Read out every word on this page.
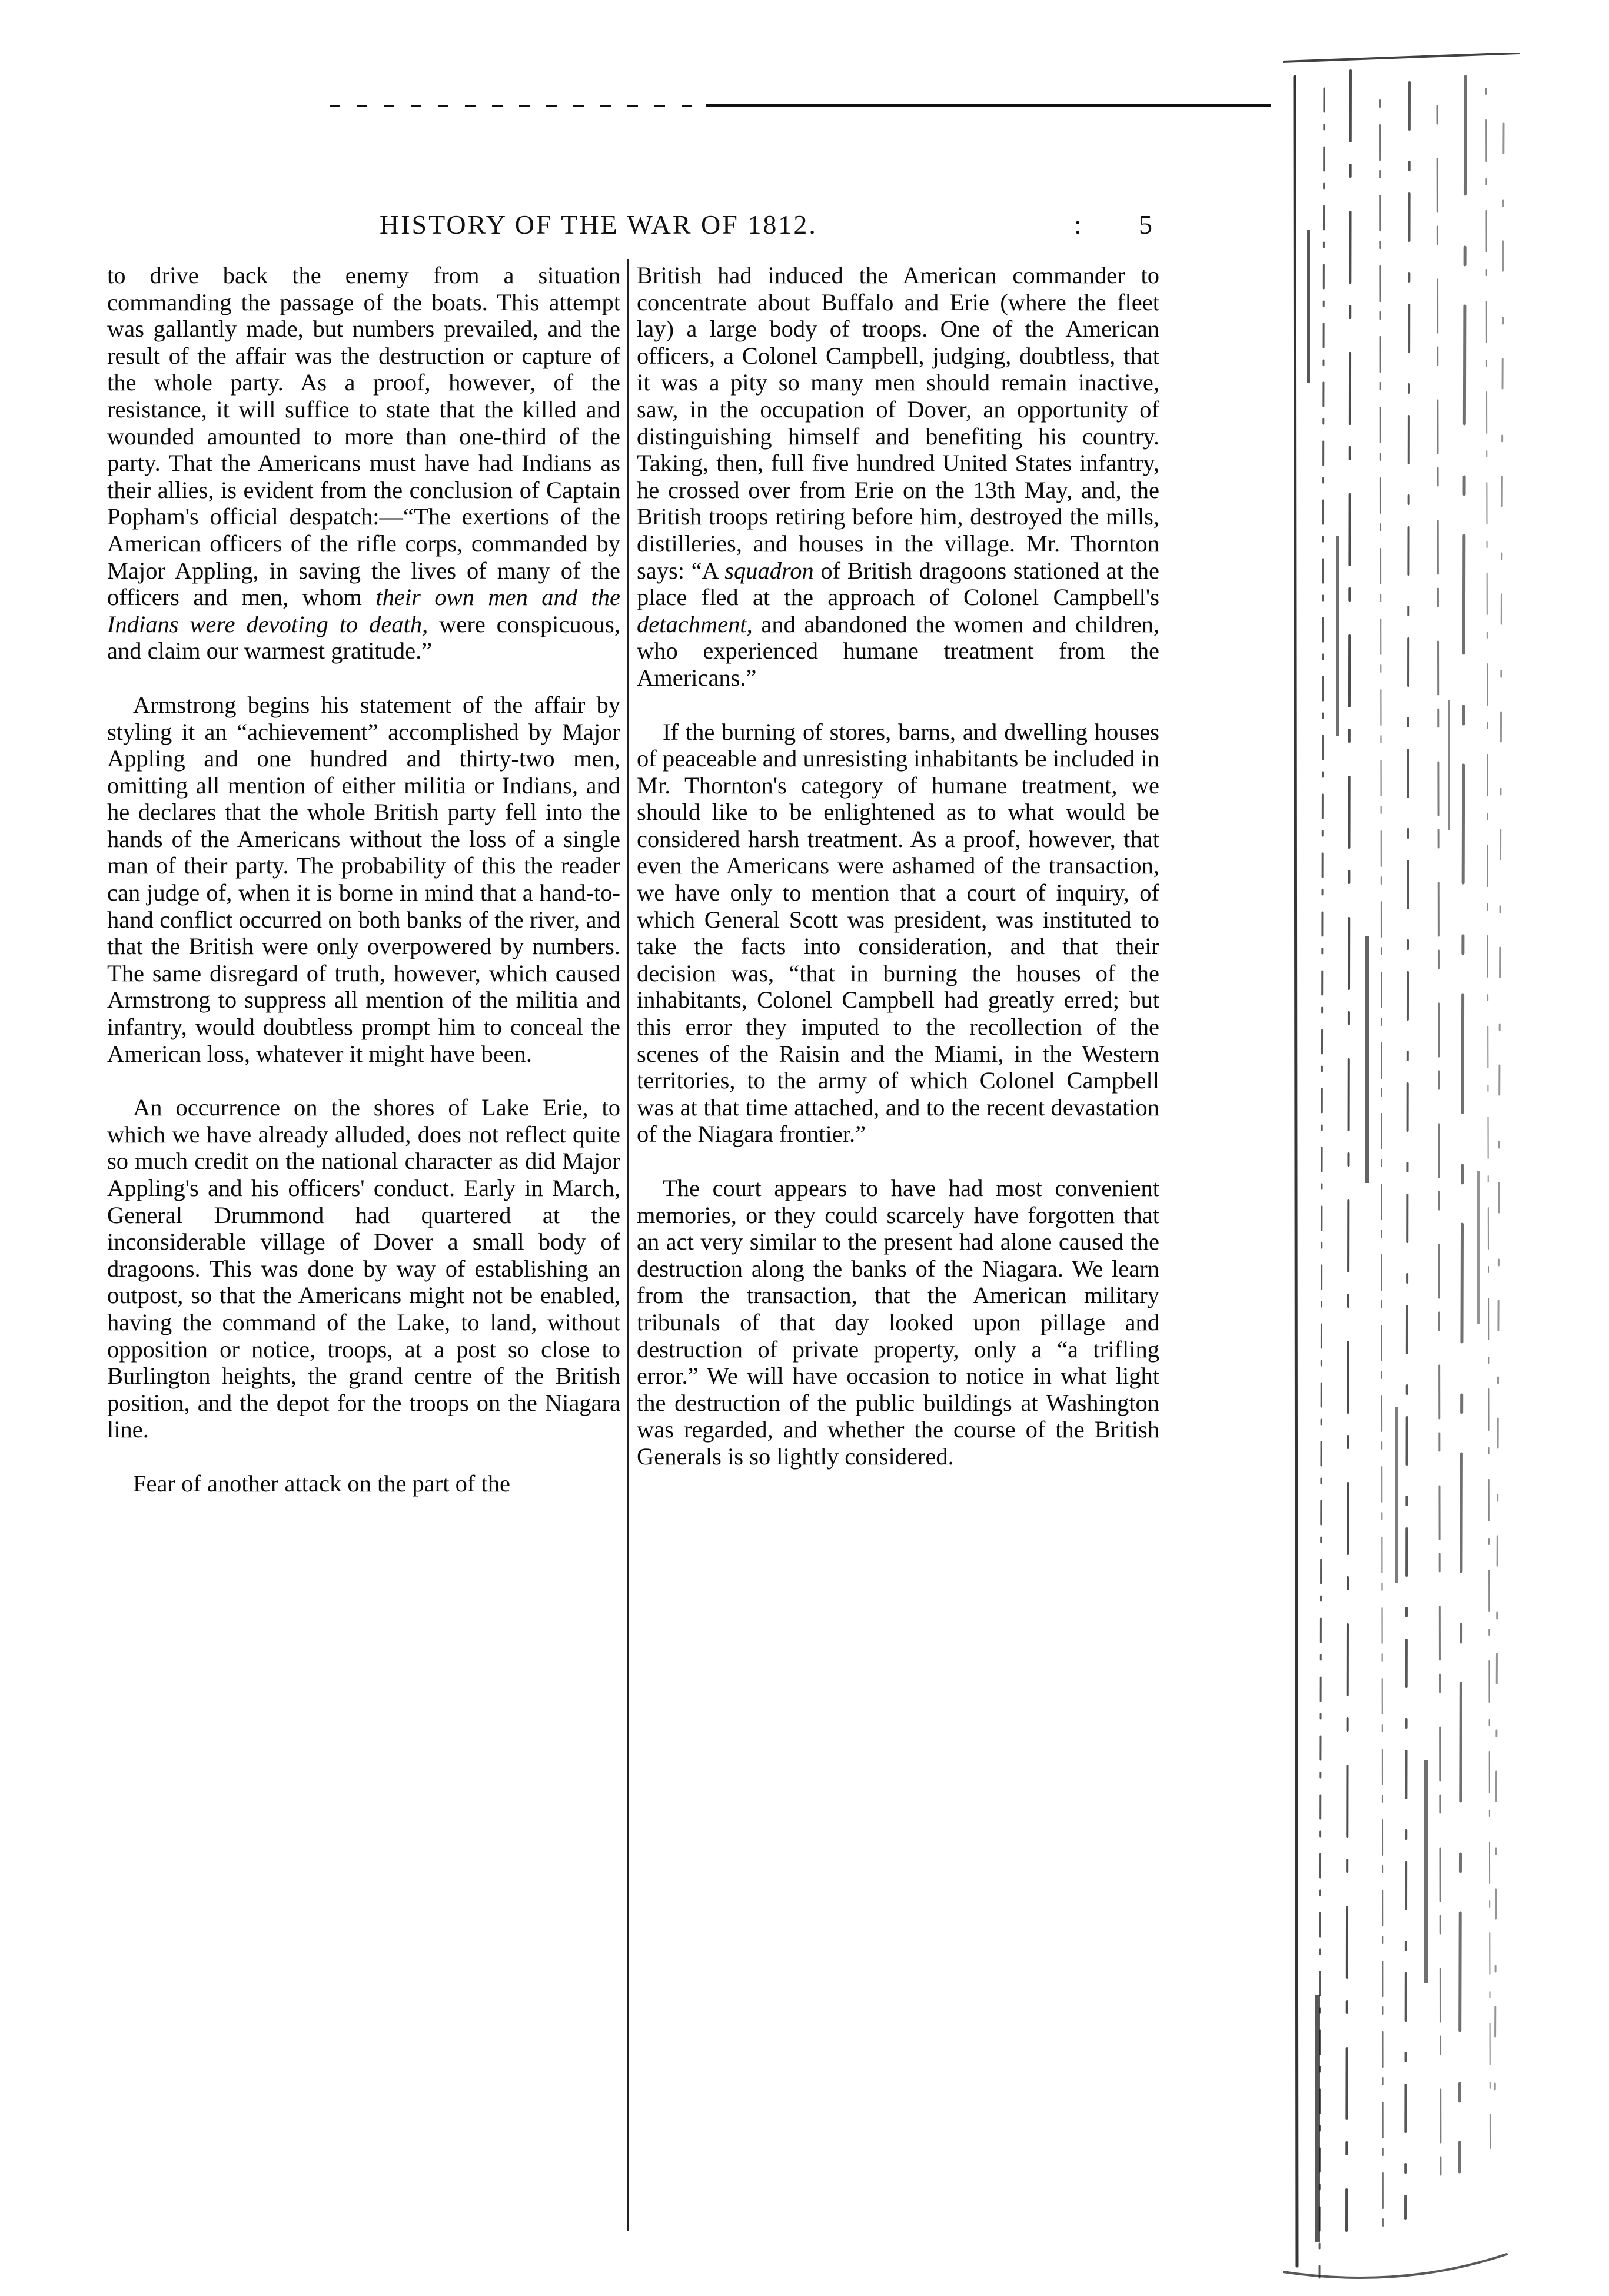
HISTORY OF THE WAR OF 1812.	: 5

to drive back the enemy from a situation commanding the passage of the boats. This attempt was gallantly made, but numbers prevailed, and the result of the affair was the destruction or capture of the whole party. As a proof, however, of the resistance, it will suffice to state that the killed and wounded amounted to more than one-third of the party. That the Americans must have had Indians as their allies, is evident from the conclusion of Captain Popham's official despatch:—“The exertions of the American officers of the rifle corps, commanded by Major Appling, in saving the lives of many of the officers and men, whom their own men and the Indians were devoting to death, were conspicuous, and claim our warmest gratitude.”

Armstrong begins his statement of the affair by styling it an “achievement” accomplished by Major Appling and one hundred and thirty-two men, omitting all mention of either militia or Indians, and he declares that the whole British party fell into the hands of the Americans without the loss of a single man of their party. The probability of this the reader can judge of, when it is borne in mind that a hand-to-hand conflict occurred on both banks of the river, and that the British were only overpowered by numbers. The same disregard of truth, however, which caused Armstrong to suppress all mention of the militia and infantry, would doubtless prompt him to conceal the American loss, whatever it might have been.

An occurrence on the shores of Lake Erie, to which we have already alluded, does not reflect quite so much credit on the national character as did Major Appling's and his officers' conduct. Early in March, General Drummond had quartered at the inconsiderable village of Dover a small body of dragoons. This was done by way of establishing an outpost, so that the Americans might not be enabled, having the command of the Lake, to land, without opposition or notice, troops, at a post so close to Burlington heights, the grand centre of the British position, and the depot for the troops on the Niagara line.

Fear of another attack on the part of the

British had induced the American commander to concentrate about Buffalo and Erie (where the fleet lay) a large body of troops. One of the American officers, a Colonel Campbell, judging, doubtless, that it was a pity so many men should remain inactive, saw, in the occupation of Dover, an opportunity of distinguishing himself and benefiting his country. Taking, then, full five hundred United States infantry, he crossed over from Erie on the 13th May, and, the British troops retiring before him, destroyed the mills, distilleries, and houses in the village. Mr. Thornton says: “A squadron of British dragoons stationed at the place fled at the approach of Colonel Campbell's detachment, and abandoned the women and children, who experienced humane treatment from the Americans.”

If the burning of stores, barns, and dwelling houses of peaceable and unresisting inhabitants be included in Mr. Thornton's category of humane treatment, we should like to be enlightened as to what would be considered harsh treatment. As a proof, however, that even the Americans were ashamed of the transaction, we have only to mention that a court of inquiry, of which General Scott was president, was instituted to take the facts into consideration, and that their decision was, “that in burning the houses of the inhabitants, Colonel Campbell had greatly erred; but this error they imputed to the recollection of the scenes of the Raisin and the Miami, in the Western territories, to the army of which Colonel Campbell was at that time attached, and to the recent devastation of the Niagara frontier.”

The court appears to have had most convenient memories, or they could scarcely have forgotten that an act very similar to the present had alone caused the destruction along the banks of the Niagara. We learn from the transaction, that the American military tribunals of that day looked upon pillage and destruction of private property, only a “a trifling error.” We will have occasion to notice in what light the destruction of the public buildings at Washington was regarded, and whether the course of the British Generals is so lightly considered.
